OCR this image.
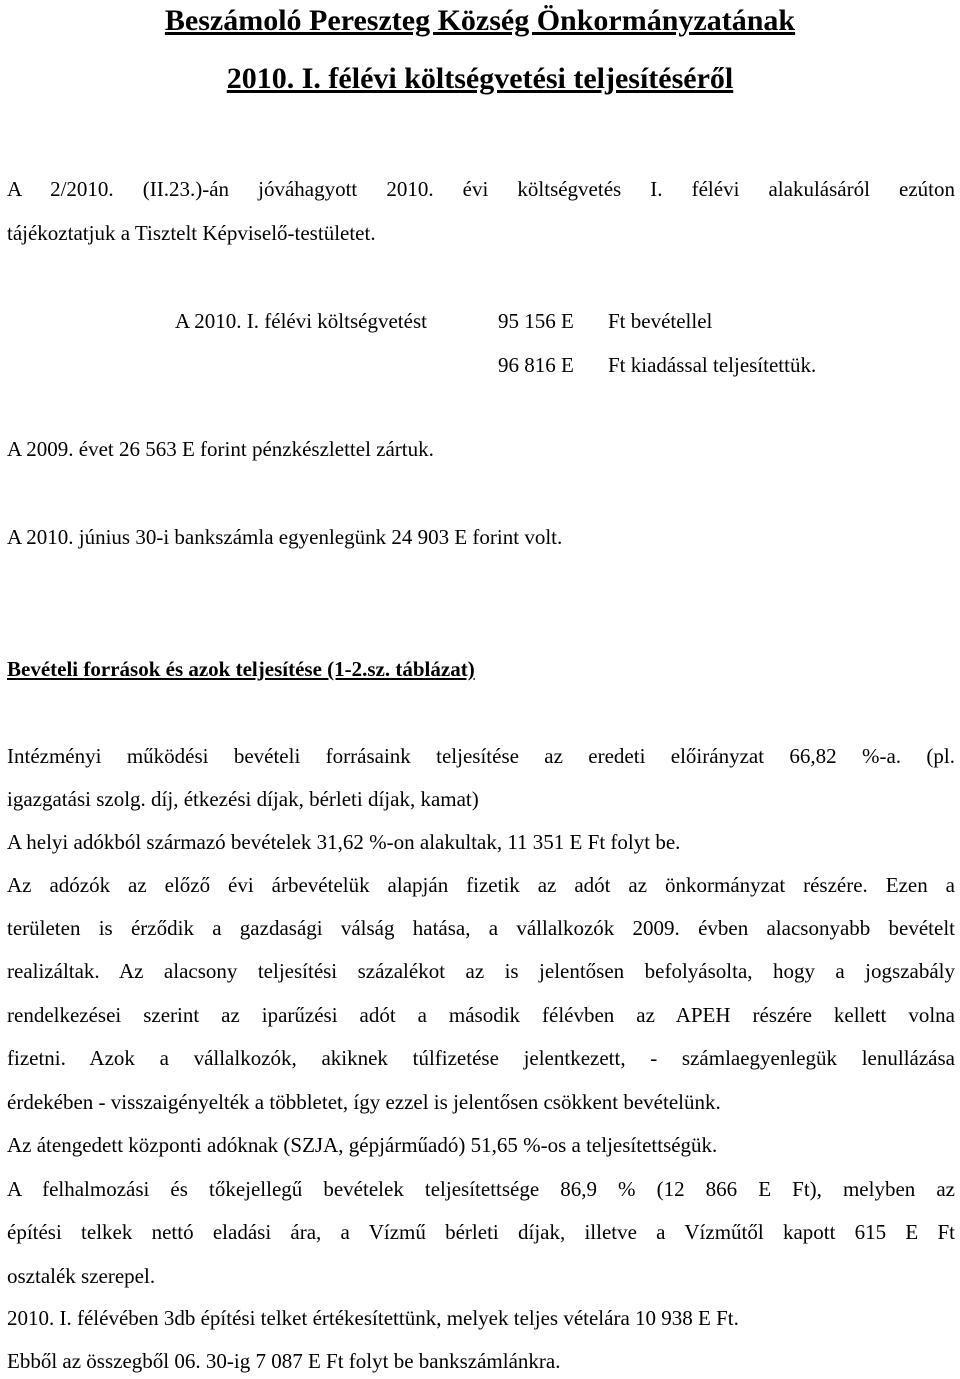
Beszámoló Pereszteg Község Önkormányzatának
2010. I. félévi költségvetési teljesítéséről

A 2/2010. (II.23.)-án jóváhagyott 2010. évi költségvetés I. félévi alakulásáról ezúton

tájékoztatjuk a Tisztelt Képviselő-testületet.

A 2010. I. félévi költségvetést	95 156 E Ft bevétellel

96 816 E Ft kiadással teljesítettük.

A 2009. évet 26 563 E forint pénzkészlettel zártuk.

A 2010. június 30-i bankszámla egyenlegünk 24 903 E forint volt.

Bevételi források és azok teljesítése (1-2.sz. táblázat)

Intézményi működési bevételi forrásaink teljesítése az eredeti előirányzat 66,82 %-a. (pl.

igazgatási szolg. díj, étkezési díjak, bérleti díjak, kamat)

A helyi adókból származó bevételek 31,62 %-on alakultak, 11 351 E Ft folyt be.

Az adózók az előző évi árbevételük alapján fizetik az adót az önkormányzat részére. Ezen a

területen is érződik a gazdasági válság hatása, a vállalkozók 2009. évben alacsonyabb bevételt

realizáltak. Az alacsony teljesítési százalékot az is jelentősen befolyásolta, hogy a jogszabály

rendelkezései szerint az iparűzési adót a második félévben az APEH részére kellett volna

fizetni. Azok a vállalkozók, akiknek túlfizetése jelentkezett, - számlaegyenlegük lenullázása

érdekében - visszaigényelték a többletet, így ezzel is jelentősen csökkent bevételünk.

Az átengedett központi adóknak (SZJA, gépjárműadó) 51,65 %-os a teljesítettségük.

A felhalmozási és tőkejellegű bevételek teljesítettsége 86,9 % (12 866 E Ft), melyben az

építési telkek nettó eladási ára, a Vízmű bérleti díjak, illetve a Vízműtől kapott 615 E Ft

osztalék szerepel.

2010. I. félévében 3db építési telket értékesítettünk, melyek teljes vételára 10 938 E Ft.

Ebből az összegből 06. 30-ig 7 087 E Ft folyt be bankszámlánkra.
